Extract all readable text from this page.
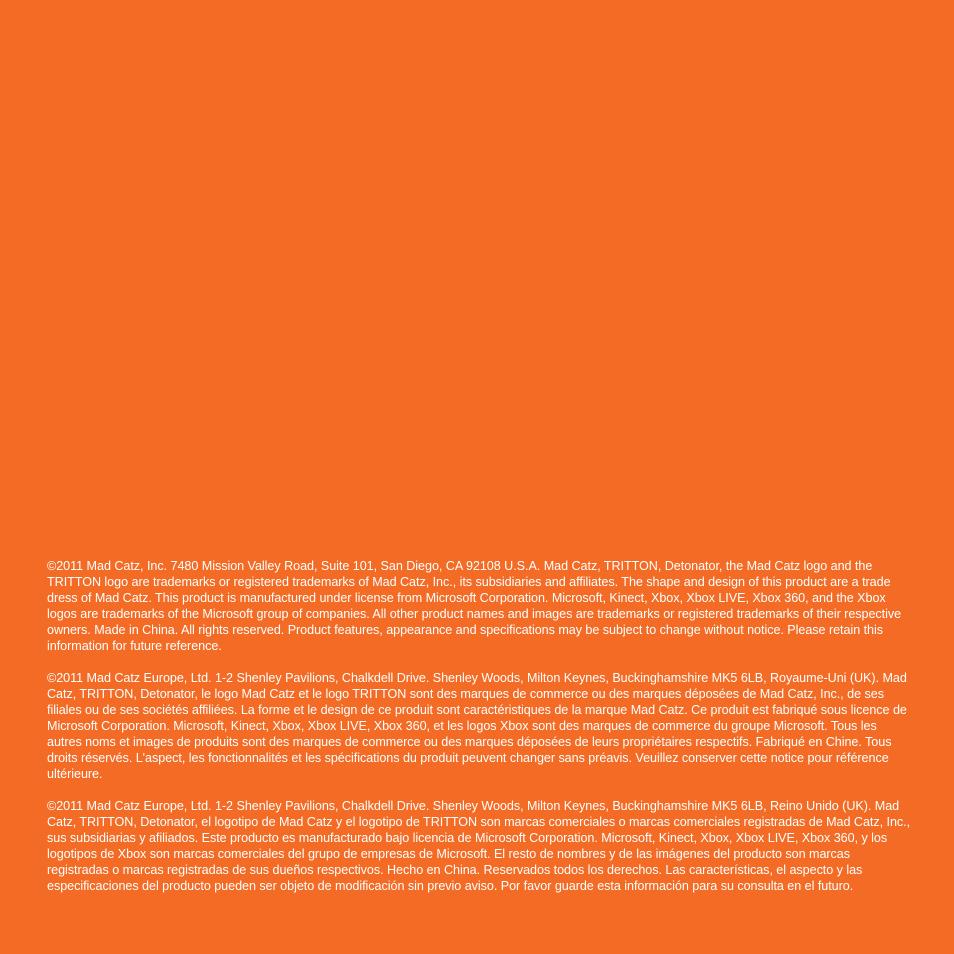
©2011 Mad Catz, Inc. 7480 Mission Valley Road, Suite 101, San Diego, CA 92108 U.S.A. Mad Catz, TRITTON, Detonator, the Mad Catz logo and the TRITTON logo are trademarks or registered trademarks of Mad Catz, Inc., its subsidiaries and affiliates. The shape and design of this product are a trade dress of Mad Catz. This product is manufactured under license from Microsoft Corporation. Microsoft, Kinect, Xbox, Xbox LIVE, Xbox 360, and the Xbox logos are trademarks of the Microsoft group of companies. All other product names and images are trademarks or registered trademarks of their respective owners. Made in China. All rights reserved. Product features, appearance and specifications may be subject to change without notice. Please retain this information for future reference.

©2011 Mad Catz Europe, Ltd. 1-2 Shenley Pavilions, Chalkdell Drive. Shenley Woods, Milton Keynes, Buckinghamshire MK5 6LB, Royaume-Uni (UK). Mad Catz, TRITTON, Detonator, le logo Mad Catz et le logo TRITTON sont des marques de commerce ou des marques déposées de Mad Catz, Inc., de ses filiales ou de ses sociétés affiliées. La forme et le design de ce produit sont caractéristiques de la marque Mad Catz. Ce produit est fabriqué sous licence de Microsoft Corporation. Microsoft, Kinect, Xbox, Xbox LIVE, Xbox 360, et les logos Xbox sont des marques de commerce du groupe Microsoft. Tous les autres noms et images de produits sont des marques de commerce ou des marques déposées de leurs propriétaires respectifs. Fabriqué en Chine. Tous droits réservés. L'aspect, les fonctionnalités et les spécifications du produit peuvent changer sans préavis. Veuillez conserver cette notice pour référence ultérieure.

©2011 Mad Catz Europe, Ltd. 1-2 Shenley Pavilions, Chalkdell Drive. Shenley Woods, Milton Keynes, Buckinghamshire MK5 6LB, Reino Unido (UK). Mad Catz, TRITTON, Detonator, el logotipo de Mad Catz y el logotipo de TRITTON son marcas comerciales o marcas comerciales registradas de Mad Catz, Inc., sus subsidiarias y afiliados. Este producto es manufacturado bajo licencia de Microsoft Corporation. Microsoft, Kinect, Xbox, Xbox LIVE, Xbox 360, y los logotipos de Xbox son marcas comerciales del grupo de empresas de Microsoft. El resto de nombres y de las imágenes del producto son marcas registradas o marcas registradas de sus dueños respectivos. Hecho en China. Reservados todos los derechos. Las características, el aspecto y las especificaciones del producto pueden ser objeto de modificación sin previo aviso. Por favor guarde esta información para su consulta en el futuro.
